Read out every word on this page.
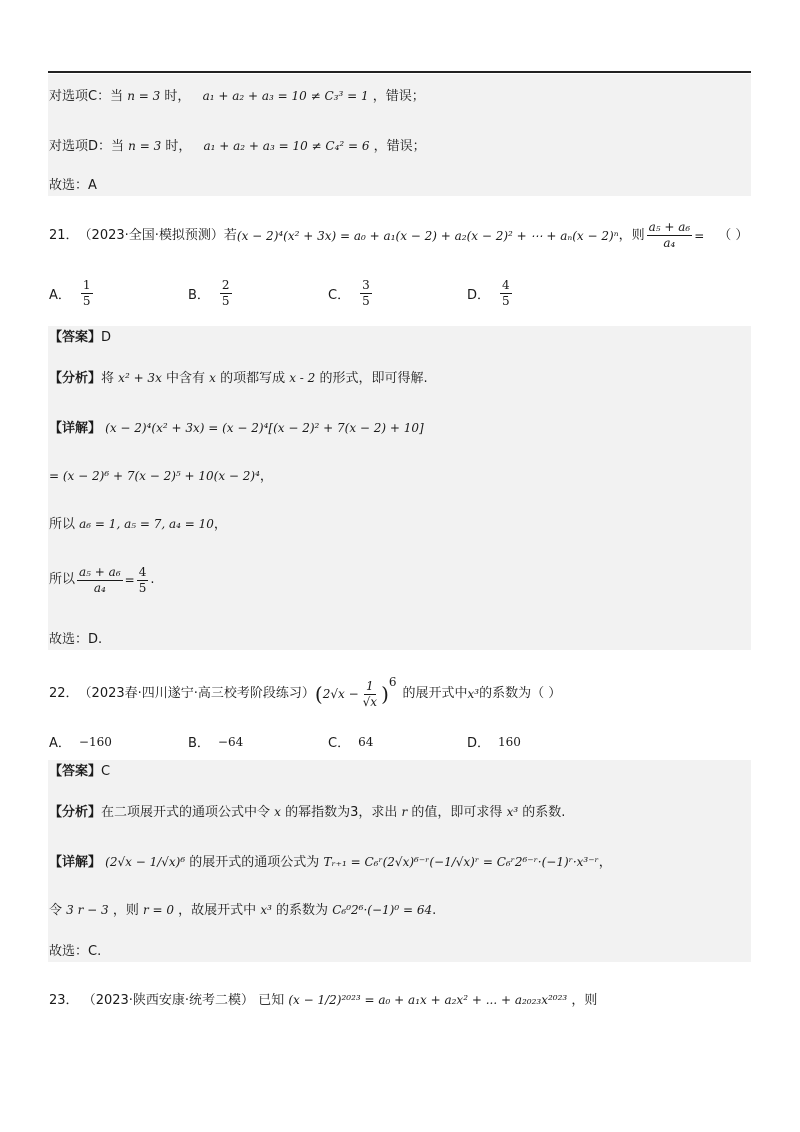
对选项C：当 n = 3 时， a₁ + a₂ + a₃ = 10 ≠ C₃³ = 1 ，错误；
对选项D：当 n = 3 时， a₁ + a₂ + a₃ = 10 ≠ C₄² = 6 ，错误；
故选：A
21． （2023·全国·模拟预测） 若 (x − 2)⁴(x² + 3x) = a₀ + a₁(x − 2) + a₂(x − 2)² + ⋯ + aₙ(x − 2)ⁿ ，则 $\frac{\text{a₅ + a₆}}{\text{a₄}}$ = （ ）
A． $\frac{1}{5}$	B． $\frac{2}{5}$	C． $\frac{3}{5}$	D． $\frac{4}{5}$
【答案】D
【分析】将 x² + 3x 中含有 x 的项都写成 x - 2 的形式，即可得解.
【详解】 (x − 2)⁴(x² + 3x) = (x − 2)⁴[(x − 2)² + 7(x − 2) + 10]
= (x − 2)⁶ + 7(x − 2)⁵ + 10(x − 2)⁴，
所以 a₆ = 1, a₅ = 7, a₄ = 10，
所以 $\frac{\text{a₅ + a₆}}{\text{a₄}} = \frac{4}{5}$ .
故选：D.
22． （2023春·四川遂宁·高三校考阶段练习） ( $2√x - \frac{1}{√x}$ ) 6
的展开式中 x³ 的系数为（ ）
A． −160	B． −64	C． 64	D． 160
【答案】C
【分析】在二项展开式的通项公式中令 x 的幂指数为3，求出 r 的值，即可求得 x³ 的系数.
【详解】 (2√x − 1/√x)⁶ 的展开式的通项公式为 Tᵣ₊₁ = C₆ʳ(2√x)⁶⁻ʳ(−1/√x)ʳ = C₆ʳ2⁶⁻ʳ·(−1)ʳ·x³⁻ʳ，
令 3 r − 3 ，则 r = 0 ，故展开式中 x³ 的系数为 C₆⁰2⁶·(−1)⁰ = 64.
故选：C.
23． （2023·陕西安康·统考二模） 已知 (x − 1/2)²⁰²³ = a₀ + a₁x + a₂x² + ... + a₂₀₂₃x²⁰²³ ，则
